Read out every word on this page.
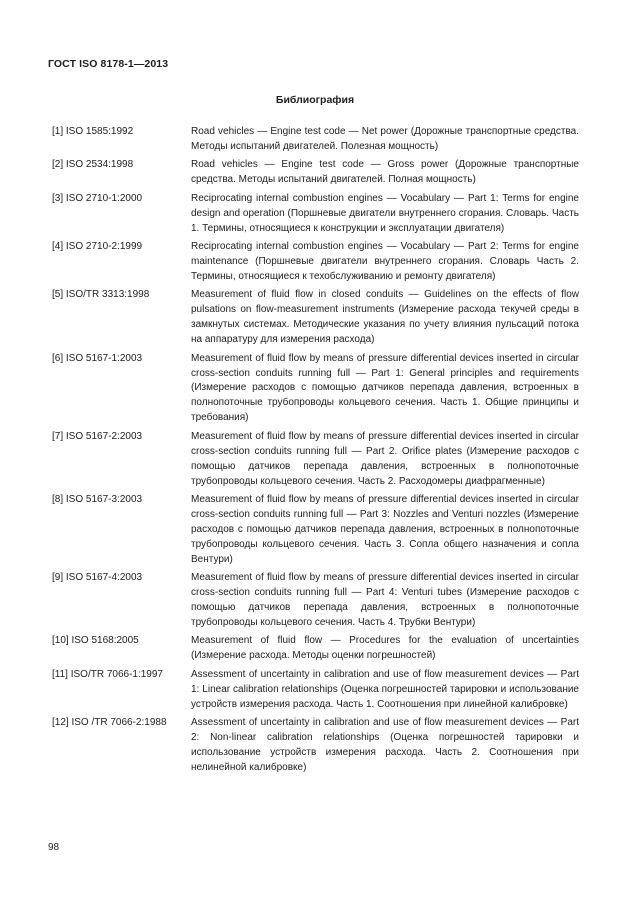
ГОСТ ISO 8178-1—2013
Библиография
[1] ISO 1585:1992	Road vehicles — Engine test code — Net power (Дорожные транспортные средства. Методы испытаний двигателей. Полезная мощность)
[2] ISO 2534:1998	Road vehicles — Engine test code — Gross power (Дорожные транспортные средства. Методы испытаний двигателей. Полная мощность)
[3] ISO 2710-1:2000	Reciprocating internal combustion engines — Vocabulary — Part 1: Terms for engine design and operation (Поршневые двигатели внутреннего сгорания. Словарь. Часть 1. Термины, относящиеся к конструкции и эксплуатации двигателя)
[4] ISO 2710-2:1999	Reciprocating internal combustion engines — Vocabulary — Part 2: Terms for engine maintenance (Поршневые двигатели внутреннего сгорания. Словарь Часть 2. Термины, относящиеся к техобслуживанию и ремонту двигателя)
[5] ISO/TR 3313:1998	Measurement of fluid flow in closed conduits — Guidelines on the effects of flow pulsations on flow-measurement instruments (Измерение расхода текучей среды в замкнутых системах. Методические указания по учету влияния пульсаций потока на аппаратуру для измерения расхода)
[6] ISO 5167-1:2003	Measurement of fluid flow by means of pressure differential devices inserted in circular cross-section conduits running full — Part 1: General principles and requirements (Измерение расходов с помощью датчиков перепада давления, встроенных в полнопоточные трубопроводы кольцевого сечения. Часть 1. Общие принципы и требования)
[7] ISO 5167-2:2003	Measurement of fluid flow by means of pressure differential devices inserted in circular cross-section conduits running full — Part 2. Orifice plates (Измерение расходов с помощью датчиков перепада давления, встроенных в полнопоточные трубопроводы кольцевого сечения. Часть 2. Расходомеры диафрагменные)
[8] ISO 5167-3:2003	Measurement of fluid flow by means of pressure differential devices inserted in circular cross-section conduits running full — Part 3: Nozzles and Venturi nozzles (Измерение расходов с помощью датчиков перепада давления, встроенных в полнопоточные трубопроводы кольцевого сечения. Часть 3. Сопла общего назначения и сопла Вентури)
[9] ISO 5167-4:2003	Measurement of fluid flow by means of pressure differential devices inserted in circular cross-section conduits running full — Part 4: Venturi tubes (Измерение расходов с помощью датчиков перепада давления, встроенных в полнопоточные трубопроводы кольцевого сечения. Часть 4. Трубки Вентури)
[10] ISO 5168:2005	Measurement of fluid flow — Procedures for the evaluation of uncertainties (Измерение расхода. Методы оценки погрешностей)
[11] ISO/TR 7066-1:1997	Assessment of uncertainty in calibration and use of flow measurement devices — Part 1: Linear calibration relationships (Оценка погрешностей тарировки и использование устройств измерения расхода. Часть 1. Соотношения при линейной калибровке)
[12] ISO /TR 7066-2:1988	Assessment of uncertainty in calibration and use of flow measurement devices — Part 2: Non-linear calibration relationships (Оценка погрешностей тарировки и использование устройств измерения расхода. Часть 2. Соотношения при нелинейной калибровке)
98
